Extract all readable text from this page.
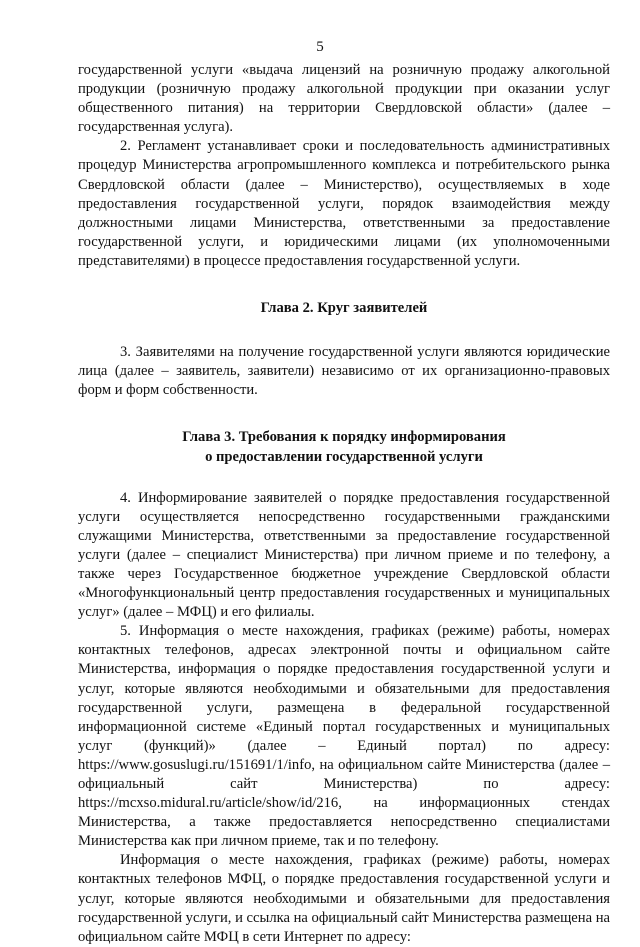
5

государственной услуги «выдача лицензий на розничную продажу алкогольной продукции (розничную продажу алкогольной продукции при оказании услуг общественного питания) на территории Свердловской области» (далее – государственная услуга).

2. Регламент устанавливает сроки и последовательность административных процедур Министерства агропромышленного комплекса и потребительского рынка Свердловской области (далее – Министерство), осуществляемых в ходе предоставления государственной услуги, порядок взаимодействия между должностными лицами Министерства, ответственными за предоставление государственной услуги, и юридическими лицами (их уполномоченными представителями) в процессе предоставления государственной услуги.

Глава 2. Круг заявителей

3. Заявителями на получение государственной услуги являются юридические лица (далее – заявитель, заявители) независимо от их организационно-правовых форм и форм собственности.

Глава 3. Требования к порядку информирования

о предоставлении государственной услуги

4. Информирование заявителей о порядке предоставления государственной услуги осуществляется непосредственно государственными гражданскими служащими Министерства, ответственными за предоставление государственной услуги (далее – специалист Министерства) при личном приеме и по телефону, а также через Государственное бюджетное учреждение Свердловской области «Многофункциональный центр предоставления государственных и муниципальных услуг» (далее – МФЦ) и его филиалы.

5. Информация о месте нахождения, графиках (режиме) работы, номерах контактных телефонов, адресах электронной почты и официальном сайте Министерства, информация о порядке предоставления государственной услуги и услуг, которые являются необходимыми и обязательными для предоставления государственной услуги, размещена в федеральной государственной информационной системе «Единый портал государственных и муниципальных услуг (функций)» (далее – Единый портал) по адресу: https://www.gosuslugi.ru/151691/1/info, на официальном сайте Министерства (далее – официальный сайт Министерства) по адресу: https://mcxso.midural.ru/article/show/id/216, на информационных стендах Министерства, а также предоставляется непосредственно специалистами Министерства как при личном приеме, так и по телефону.

Информация о месте нахождения, графиках (режиме) работы, номерах контактных телефонов МФЦ, о порядке предоставления государственной услуги и услуг, которые являются необходимыми и обязательными для предоставления государственной услуги, и ссылка на официальный сайт Министерства размещена на официальном сайте МФЦ в сети Интернет по адресу:
